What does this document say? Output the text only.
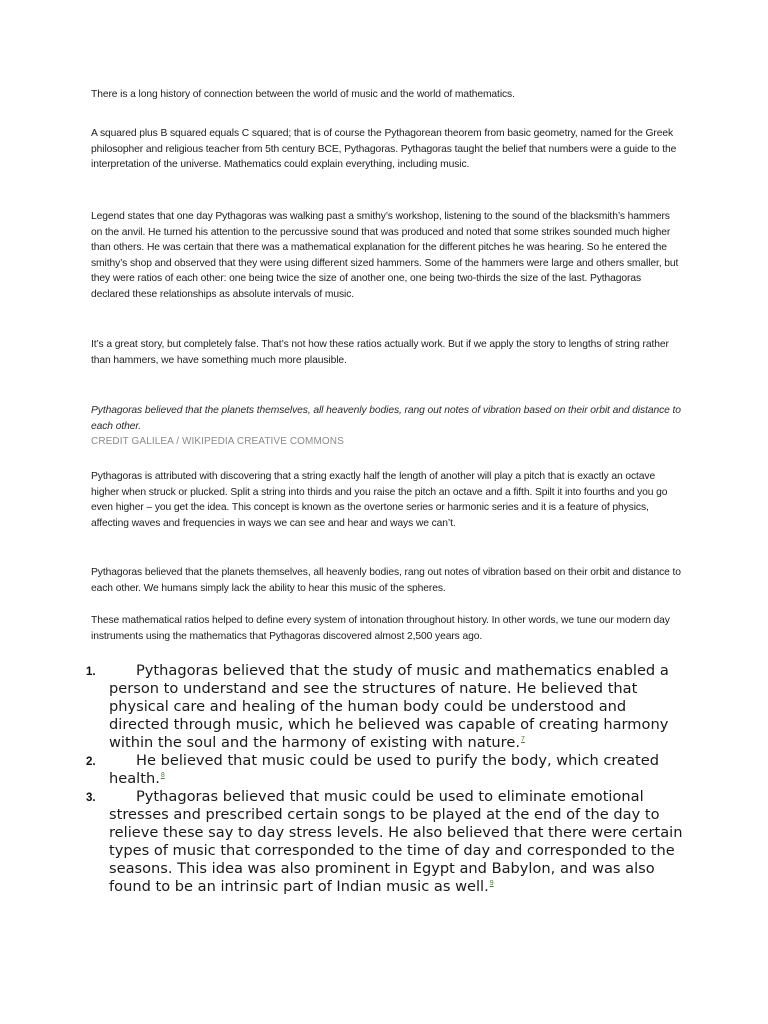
There is a long history of connection between the world of music and the world of mathematics.

A squared plus B squared equals C squared; that is of course the Pythagorean theorem from basic geometry, named for the Greek philosopher and religious teacher from 5th century BCE, Pythagoras. Pythagoras taught the belief that numbers were a guide to the interpretation of the universe. Mathematics could explain everything, including music.

Legend states that one day Pythagoras was walking past a smithy’s workshop, listening to the sound of the blacksmith’s hammers on the anvil. He turned his attention to the percussive sound that was produced and noted that some strikes sounded much higher than others. He was certain that there was a mathematical explanation for the different pitches he was hearing. So he entered the smithy’s shop and observed that they were using different sized hammers. Some of the hammers were large and others smaller, but they were ratios of each other: one being twice the size of another one, one being two-thirds the size of the last. Pythagoras declared these relationships as absolute intervals of music.

It’s a great story, but completely false. That’s not how these ratios actually work. But if we apply the story to lengths of string rather than hammers, we have something much more plausible.

Pythagoras believed that the planets themselves, all heavenly bodies, rang out notes of vibration based on their orbit and distance to each other.

CREDIT GALILEA / WIKIPEDIA CREATIVE COMMONS

Pythagoras is attributed with discovering that a string exactly half the length of another will play a pitch that is exactly an octave higher when struck or plucked. Split a string into thirds and you raise the pitch an octave and a fifth. Spilt it into fourths and you go even higher – you get the idea. This concept is known as the overtone series or harmonic series and it is a feature of physics, affecting waves and frequencies in ways we can see and hear and ways we can’t.

Pythagoras believed that the planets themselves, all heavenly bodies, rang out notes of vibration based on their orbit and distance to each other. We humans simply lack the ability to hear this music of the spheres.

These mathematical ratios helped to define every system of intonation throughout history. In other words, we tune our modern day instruments using the mathematics that Pythagoras discovered almost 2,500 years ago.

1.	Pythagoras believed that the study of music and mathematics enabled a person to understand and see the structures of nature. He believed that physical care and healing of the human body could be understood and directed through music, which he believed was capable of creating harmony within the soul and the harmony of existing with nature.$^7$
2.	He believed that music could be used to purify the body, which created health.$^8$
3.	Pythagoras believed that music could be used to eliminate emotional stresses and prescribed certain songs to be played at the end of the day to relieve these say to day stress levels. He also believed that there were certain types of music that corresponded to the time of day and corresponded to the seasons. This idea was also prominent in Egypt and Babylon, and was also found to be an intrinsic part of Indian music as well.$^9$
